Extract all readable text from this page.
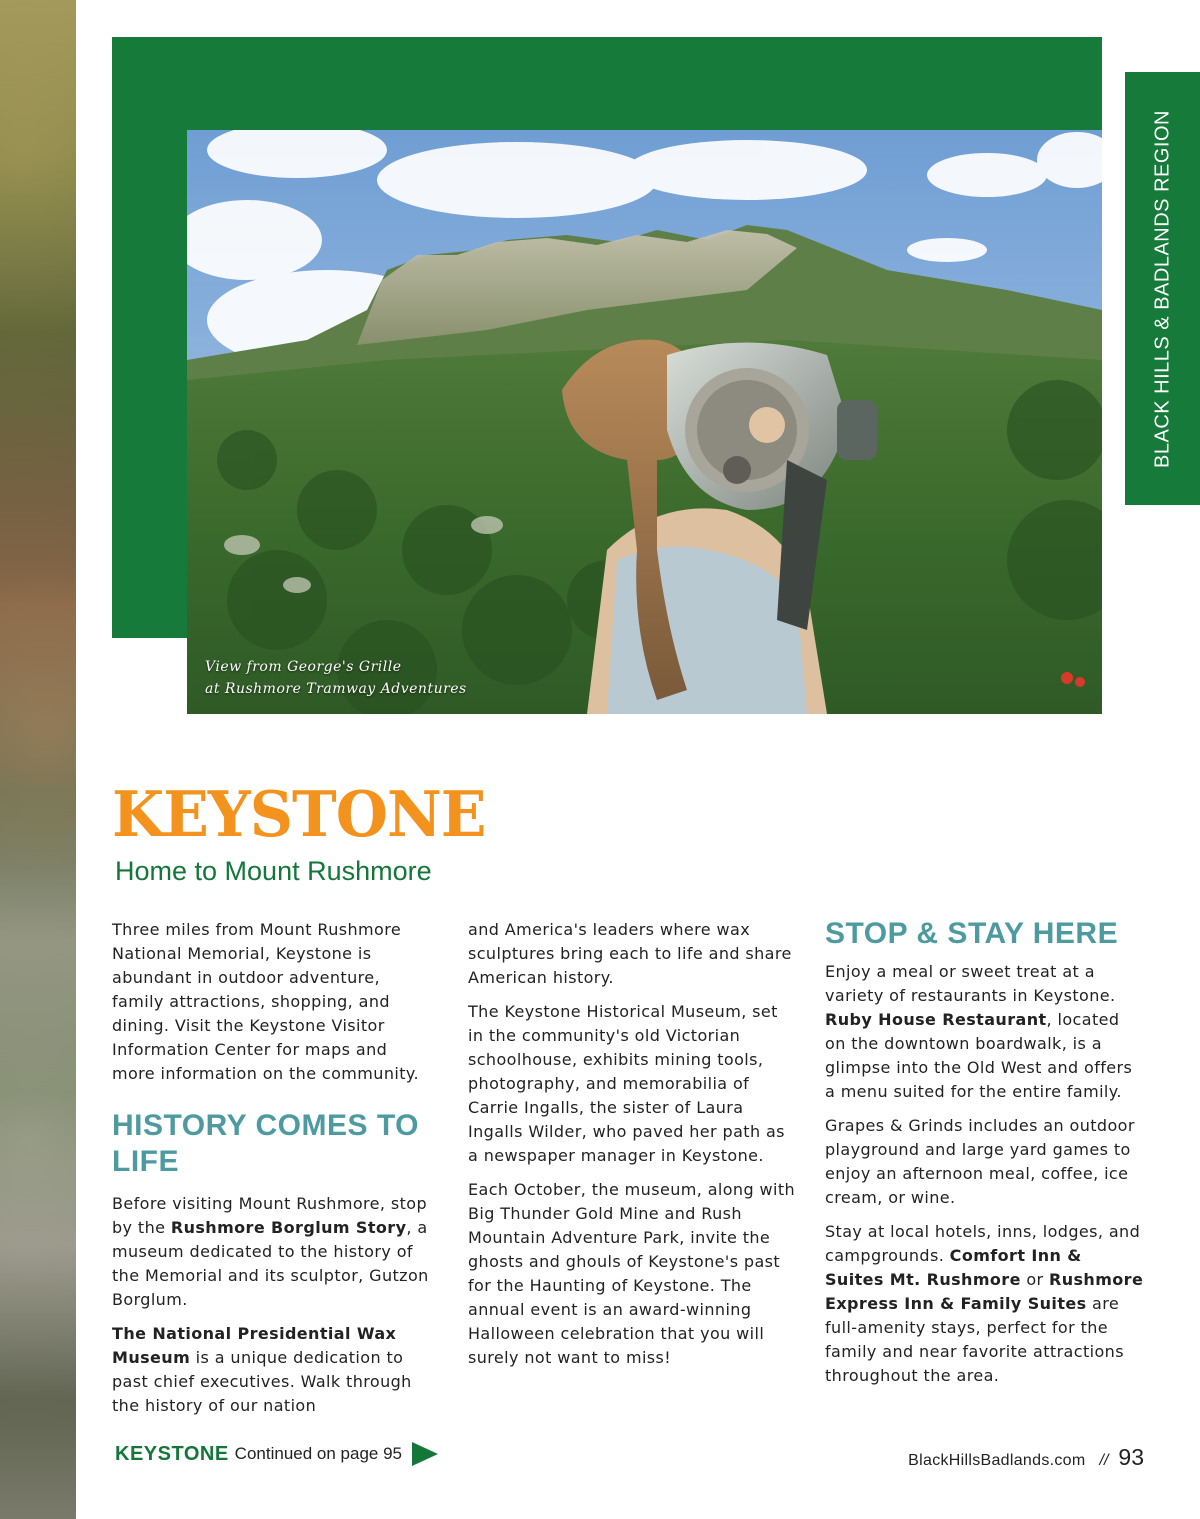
View from George's Grille
at Rushmore Tramway Adventures
BLACK HILLS & BADLANDS REGION
KEYSTONE
Home to Mount Rushmore

Three miles from Mount Rushmore National Memorial, Keystone is abundant in outdoor adventure, family attractions, shopping, and dining. Visit the Keystone Visitor Information Center for maps and more information on the community.

HISTORY COMES TO LIFE

Before visiting Mount Rushmore, stop by the Rushmore Borglum Story, a museum dedicated to the history of the Memorial and its sculptor, Gutzon Borglum.

The National Presidential Wax Museum is a unique dedication to past chief executives. Walk through the history of our nation

and America's leaders where wax sculptures bring each to life and share American history.

The Keystone Historical Museum, set in the community's old Victorian schoolhouse, exhibits mining tools, photography, and memorabilia of Carrie Ingalls, the sister of Laura Ingalls Wilder, who paved her path as a newspaper manager in Keystone.

Each October, the museum, along with Big Thunder Gold Mine and Rush Mountain Adventure Park, invite the ghosts and ghouls of Keystone's past for the Haunting of Keystone. The annual event is an award-winning Halloween celebration that you will surely not want to miss!

STOP & STAY HERE

Enjoy a meal or sweet treat at a variety of restaurants in Keystone. Ruby House Restaurant, located on the downtown boardwalk, is a glimpse into the Old West and offers a menu suited for the entire family.

Grapes & Grinds includes an outdoor playground and large yard games to enjoy an afternoon meal, coffee, ice cream, or wine.

Stay at local hotels, inns, lodges, and campgrounds. Comfort Inn & Suites Mt. Rushmore or Rushmore Express Inn & Family Suites are full-amenity stays, perfect for the family and near favorite attractions throughout the area.

KEYSTONE Continued on page 95	BlackHillsBadlands.com // 93
